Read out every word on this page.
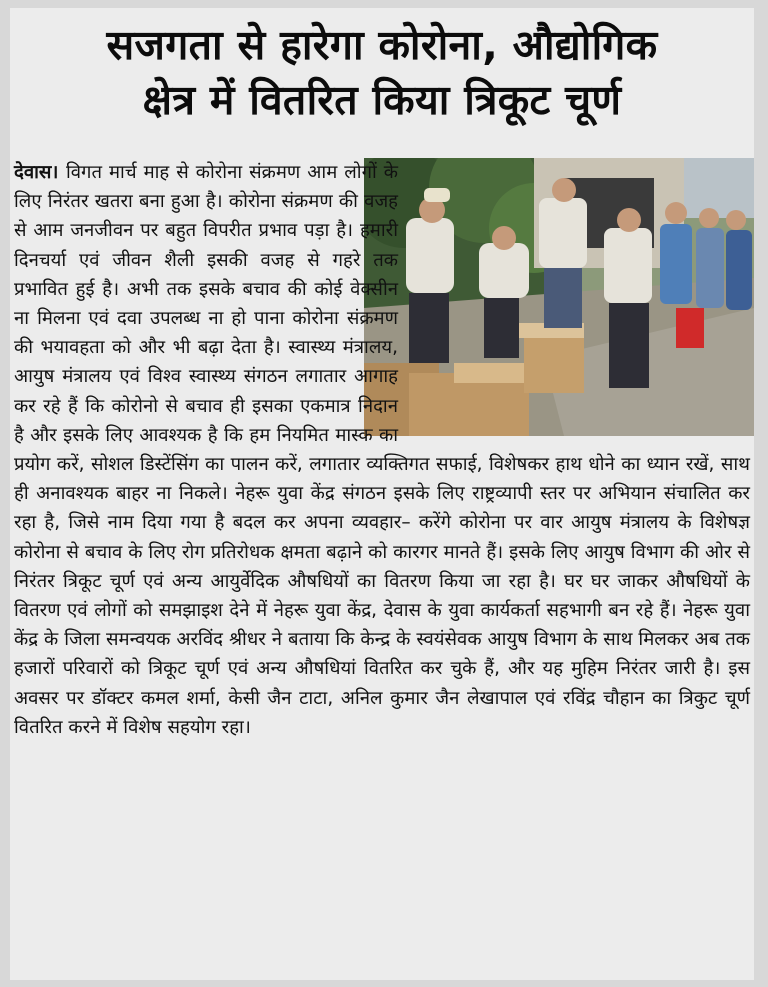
सजगता से हारेगा कोरोना, औद्योगिक
क्षेत्र में वितरित किया त्रिकूट चूर्ण
देवास। विगत मार्च माह से कोरोना संक्रमण आम लोगों के लिए निरंतर खतरा बना हुआ है। कोरोना संक्रमण की वजह से आम जनजीवन पर बहुत विपरीत प्रभाव पड़ा है। हमारी दिनचर्या एवं जीवन शैली इसकी वजह से गहरे तक प्रभावित हुई है। अभी तक इसके बचाव की कोई वेक्सीन ना मिलना एवं दवा उपलब्ध ना हो पाना कोरोना संक्रमण की भयावहता को और भी बढ़ा देता है। स्वास्थ्य मंत्रालय, आयुष मंत्रालय एवं विश्व स्वास्थ्य संगठन लगातार आगाह कर रहे हैं कि कोरोनो से बचाव ही इसका एकमात्र निदान है और इसके लिए आवश्यक है कि हम नियमित मास्क का प्रयोग करें, सोशल डिस्टेंसिंग का पालन करें, लगातार व्यक्तिगत सफाई, विशेषकर हाथ धोने का ध्यान रखें, साथ ही अनावश्यक बाहर ना निकले। नेहरू युवा केंद्र संगठन इसके लिए राष्ट्रव्यापी स्तर पर अभियान संचालित कर रहा है, जिसे नाम दिया गया है बदल कर अपना व्यवहार– करेंगे कोरोना पर वार आयुष मंत्रालय के विशेषज्ञ कोरोना से बचाव के लिए रोग प्रतिरोधक क्षमता बढ़ाने को कारगर मानते हैं। इसके लिए आयुष विभाग की ओर से निरंतर त्रिकूट चूर्ण एवं अन्य आयुर्वेदिक औषधियों का वितरण किया जा रहा है। घर घर जाकर औषधियों के वितरण एवं लोगों को समझाइश देने में नेहरू युवा केंद्र, देवास के युवा कार्यकर्ता सहभागी बन रहे हैं। नेहरू युवा केंद्र के जिला समन्वयक अरविंद श्रीधर ने बताया कि केन्द्र के स्वयंसेवक आयुष विभाग के साथ मिलकर अब तक हजारों परिवारों को त्रिकूट चूर्ण एवं अन्य औषधियां वितरित कर चुके हैं, और यह मुहिम निरंतर जारी है। इस अवसर पर डॉक्टर कमल शर्मा, केसी जैन टाटा, अनिल कुमार जैन लेखापाल एवं रविंद्र चौहान का त्रिकुट चूर्ण वितरित करने में विशेष सहयोग रहा।
